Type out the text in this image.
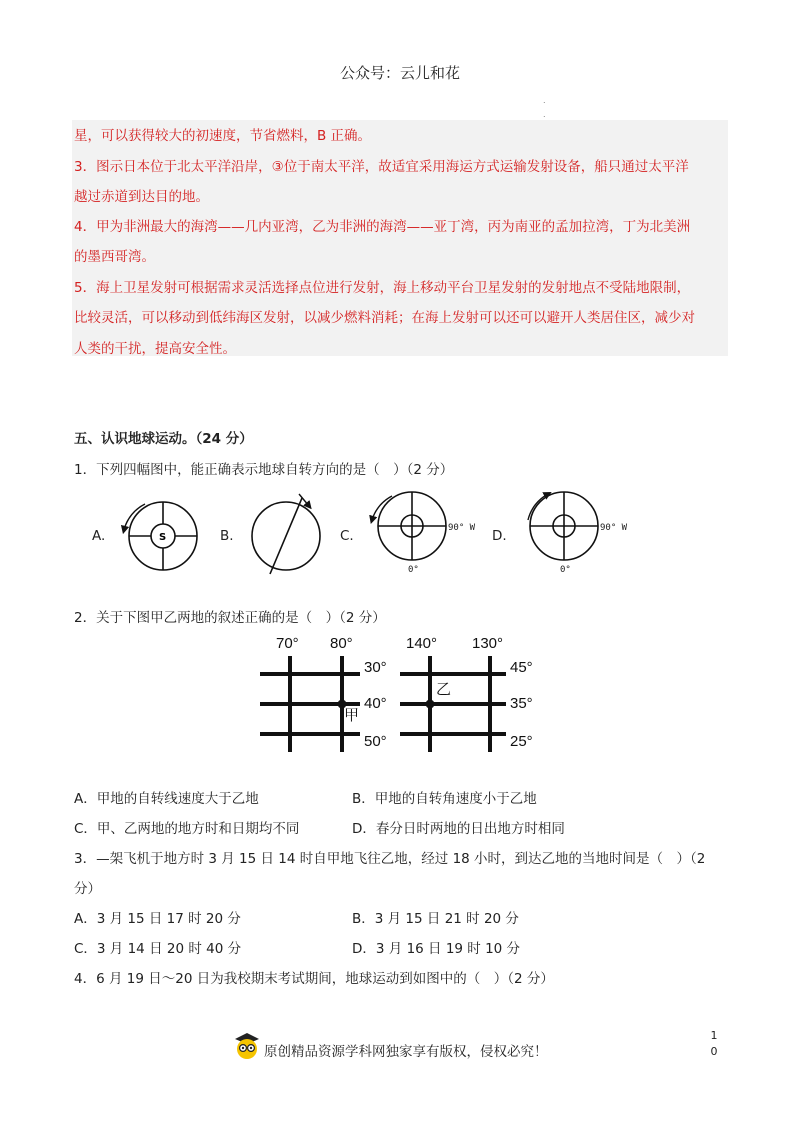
公众号：云儿和花
.
.
星，可以获得较大的初速度，节省燃料，B 正确。
3．图示日本位于北太平洋沿岸，③位于南太平洋，故适宜采用海运方式运输发射设备，船只通过太平洋
越过赤道到达目的地。
4．甲为非洲最大的海湾——几内亚湾，乙为非洲的海湾——亚丁湾，丙为南亚的孟加拉湾，丁为北美洲
的墨西哥湾。
5．海上卫星发射可根据需求灵活选择点位进行发射，海上移动平台卫星发射的发射地点不受陆地限制，
比较灵活，可以移动到低纬海区发射，以减少燃料消耗；在海上发射可以还可以避开人类居住区，减少对
人类的干扰，提高安全性。
五、认识地球运动。（24 分）
1．下列四幅图中，能正确表示地球自转方向的是（　）（2 分）
A.	B.	C.	D.
S
90° W
0°
90° W
0°
2．关于下图甲乙两地的叙述正确的是（　）（2 分）
70° 80°
30°
40°
50°
甲
140° 130°
45°
35°
25°
乙
A．甲地的自转线速度大于乙地	B．甲地的自转角速度小于乙地
C．甲、乙两地的地方时和日期均不同	D．春分日时两地的日出地方时相同
3．—架飞机于地方时 3 月 15 日 14 时自甲地飞往乙地，经过 18 小时，到达乙地的当地时间是（　）（2
分）
A．3 月 15 日 17 时 20 分	B．3 月 15 日 21 时 20 分
C．3 月 14 日 20 时 40 分	D．3 月 16 日 19 时 10 分
4．6 月 19 日～20 日为我校期末考试期间，地球运动到如图中的（　）（2 分）
原创精品资源学科网独家享有版权，侵权必究！
1
0
